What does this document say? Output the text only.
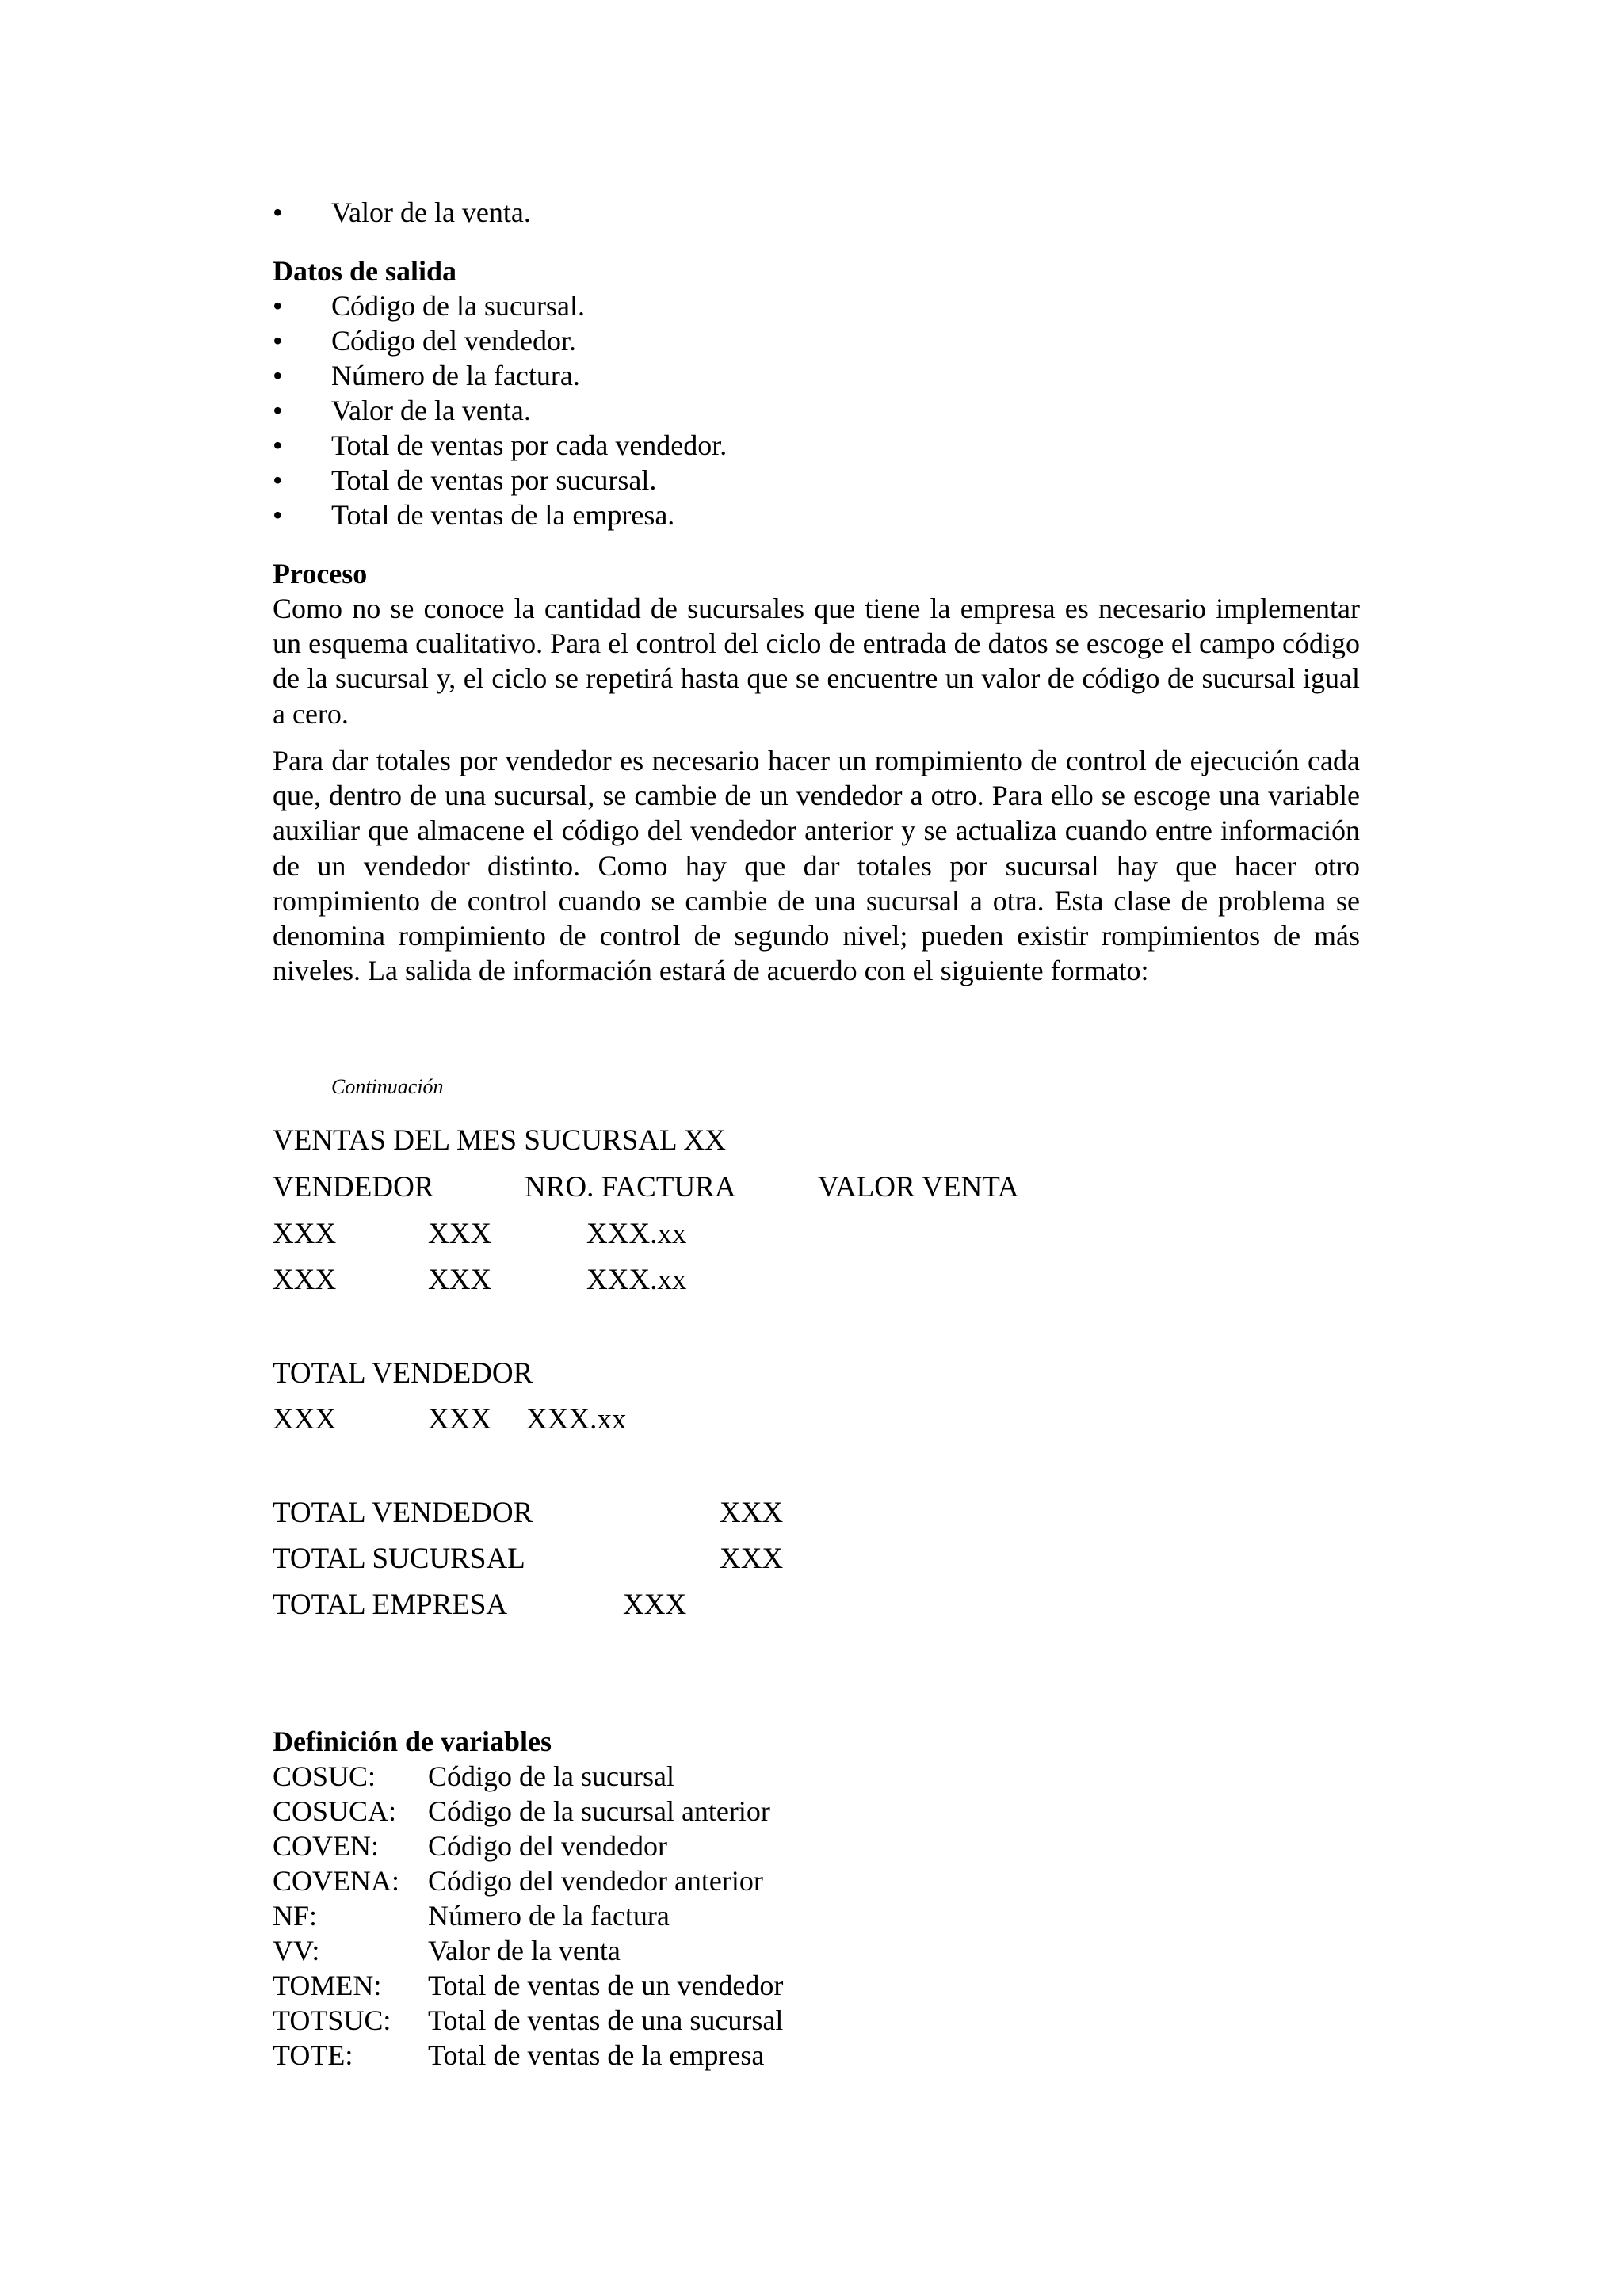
• Valor de la venta.
Datos de salida
• Código de la sucursal.
• Código del vendedor.
• Número de la factura.
• Valor de la venta.
• Total de ventas por cada vendedor.
• Total de ventas por sucursal.
• Total de ventas de la empresa.
Proceso

Como no se conoce la cantidad de sucursales que tiene la empresa es necesario implementar un esquema cualitativo. Para el control del ciclo de entrada de datos se escoge el campo código de la sucursal y, el ciclo se repetirá hasta que se encuentre un valor de código de sucursal igual a cero.

Para dar totales por vendedor es necesario hacer un rompimiento de control de ejecución cada que, dentro de una sucursal, se cambie de un vendedor a otro. Para ello se escoge una variable auxiliar que almacene el código del vendedor anterior y se actualiza cuando entre información de un vendedor distinto. Como hay que dar totales por sucursal hay que hacer otro rompimiento de control cuando se cambie de una sucursal a otra. Esta clase de problema se denomina rompimiento de control de segundo nivel; pueden existir rompimientos de más niveles. La salida de información estará de acuerdo con el siguiente formato:

Continuación
VENTAS DEL MES SUCURSAL XX
VENDEDOR	NRO. FACTURA	VALOR VENTA
XXX	XXX	XXX.xx
XXX	XXX	XXX.xx
TOTAL VENDEDOR
XXX	XXX XXX.xx
TOTAL VENDEDOR	XXX
TOTAL SUCURSAL	XXX
TOTAL EMPRESA	XXX
Definición de variables
COSUC: Código de la sucursal
COSUCA: Código de la sucursal anterior
COVEN: Código del vendedor
COVENA: Código del vendedor anterior
NF:	Número de la factura
VV:	Valor de la venta
TOMEN: Total de ventas de un vendedor
TOTSUC: Total de ventas de una sucursal
TOTE:	Total de ventas de la empresa
